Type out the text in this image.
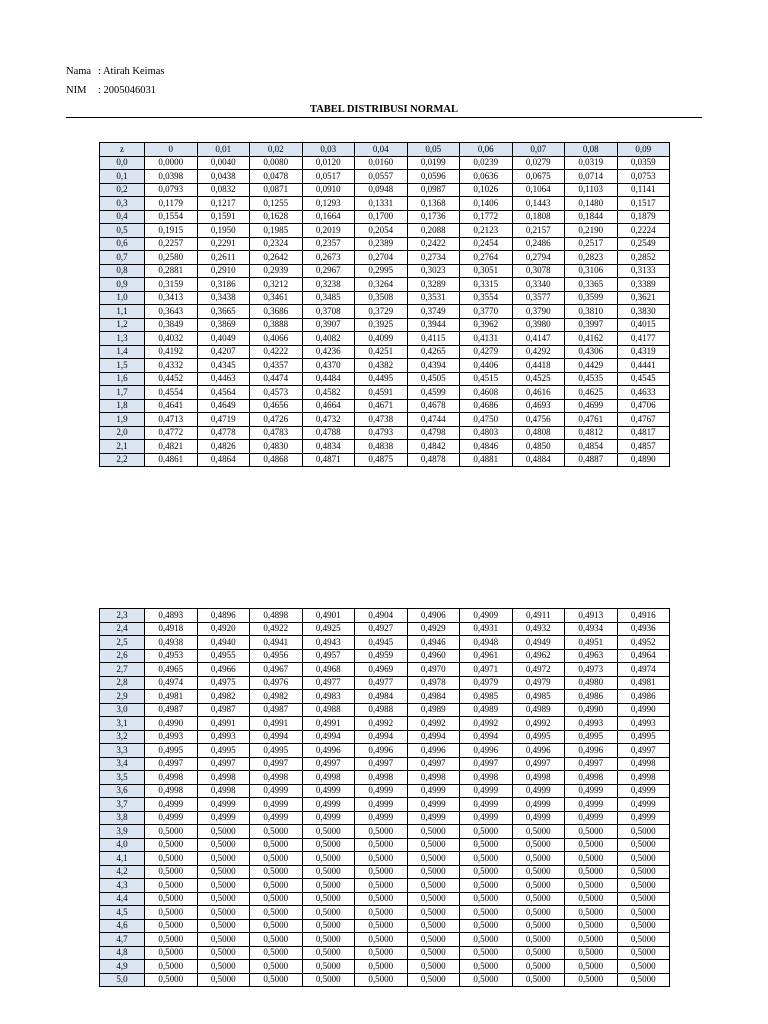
Nama : Atirah Keimas
NIM : 2005046031
TABEL DISTRIBUSI NORMAL
z	0	0,01	0,02	0,03	0,04	0,05	0,06	0,07	0,08	0,09
0,0	0,0000	0,0040	0,0080	0,0120	0,0160	0,0199	0,0239	0,0279	0,0319	0,0359
0,1	0,0398	0,0438	0,0478	0,0517	0,0557	0,0596	0,0636	0,0675	0,0714	0,0753
0,2	0,0793	0,0832	0,0871	0,0910	0,0948	0,0987	0,1026	0,1064	0,1103	0,1141
0,3	0,1179	0,1217	0,1255	0,1293	0,1331	0,1368	0,1406	0,1443	0,1480	0,1517
0,4	0,1554	0,1591	0,1628	0,1664	0,1700	0,1736	0,1772	0,1808	0,1844	0,1879
0,5	0,1915	0,1950	0,1985	0,2019	0,2054	0,2088	0,2123	0,2157	0,2190	0,2224
0,6	0,2257	0,2291	0,2324	0,2357	0,2389	0,2422	0,2454	0,2486	0,2517	0,2549
0,7	0,2580	0,2611	0,2642	0,2673	0,2704	0,2734	0,2764	0,2794	0,2823	0,2852
0,8	0,2881	0,2910	0,2939	0,2967	0,2995	0,3023	0,3051	0,3078	0,3106	0,3133
0,9	0,3159	0,3186	0,3212	0,3238	0,3264	0,3289	0,3315	0,3340	0,3365	0,3389
1,0	0,3413	0,3438	0,3461	0,3485	0,3508	0,3531	0,3554	0,3577	0,3599	0,3621
1,1	0,3643	0,3665	0,3686	0,3708	0,3729	0,3749	0,3770	0,3790	0,3810	0,3830
1,2	0,3849	0,3869	0,3888	0,3907	0,3925	0,3944	0,3962	0,3980	0,3997	0,4015
1,3	0,4032	0,4049	0,4066	0,4082	0,4099	0,4115	0,4131	0,4147	0,4162	0,4177
1,4	0,4192	0,4207	0,4222	0,4236	0,4251	0,4265	0,4279	0,4292	0,4306	0,4319
1,5	0,4332	0,4345	0,4357	0,4370	0,4382	0,4394	0,4406	0,4418	0,4429	0,4441
1,6	0,4452	0,4463	0,4474	0,4484	0,4495	0,4505	0,4515	0,4525	0,4535	0,4545
1,7	0,4554	0,4564	0,4573	0,4582	0,4591	0,4599	0,4608	0,4616	0,4625	0,4633
1,8	0,4641	0,4649	0,4656	0,4664	0,4671	0,4678	0,4686	0,4693	0,4699	0,4706
1,9	0,4713	0,4719	0,4726	0,4732	0,4738	0,4744	0,4750	0,4756	0,4761	0,4767
2,0	0,4772	0,4778	0,4783	0,4788	0,4793	0,4798	0,4803	0,4808	0,4812	0,4817
2,1	0,4821	0,4826	0,4830	0,4834	0,4838	0,4842	0,4846	0,4850	0,4854	0,4857
2,2	0,4861	0,4864	0,4868	0,4871	0,4875	0,4878	0,4881	0,4884	0,4887	0,4890
2,3	0,4893	0,4896	0,4898	0,4901	0,4904	0,4906	0,4909	0,4911	0,4913	0,4916
2,4	0,4918	0,4920	0,4922	0,4925	0,4927	0,4929	0,4931	0,4932	0,4934	0,4936
2,5	0,4938	0,4940	0,4941	0,4943	0,4945	0,4946	0,4948	0,4949	0,4951	0,4952
2,6	0,4953	0,4955	0,4956	0,4957	0,4959	0,4960	0,4961	0,4962	0,4963	0,4964
2,7	0,4965	0,4966	0,4967	0,4968	0,4969	0,4970	0,4971	0,4972	0,4973	0,4974
2,8	0,4974	0,4975	0,4976	0,4977	0,4977	0,4978	0,4979	0,4979	0,4980	0,4981
2,9	0,4981	0,4982	0,4982	0,4983	0,4984	0,4984	0,4985	0,4985	0,4986	0,4986
3,0	0,4987	0,4987	0,4987	0,4988	0,4988	0,4989	0,4989	0,4989	0,4990	0,4990
3,1	0,4990	0,4991	0,4991	0,4991	0,4992	0,4992	0,4992	0,4992	0,4993	0,4993
3,2	0,4993	0,4993	0,4994	0,4994	0,4994	0,4994	0,4994	0,4995	0,4995	0,4995
3,3	0,4995	0,4995	0,4995	0,4996	0,4996	0,4996	0,4996	0,4996	0,4996	0,4997
3,4	0,4997	0,4997	0,4997	0,4997	0,4997	0,4997	0,4997	0,4997	0,4997	0,4998
3,5	0,4998	0,4998	0,4998	0,4998	0,4998	0,4998	0,4998	0,4998	0,4998	0,4998
3,6	0,4998	0,4998	0,4999	0,4999	0,4999	0,4999	0,4999	0,4999	0,4999	0,4999
3,7	0,4999	0,4999	0,4999	0,4999	0,4999	0,4999	0,4999	0,4999	0,4999	0,4999
3,8	0,4999	0,4999	0,4999	0,4999	0,4999	0,4999	0,4999	0,4999	0,4999	0,4999
3,9	0,5000	0,5000	0,5000	0,5000	0,5000	0,5000	0,5000	0,5000	0,5000	0,5000
4,0	0,5000	0,5000	0,5000	0,5000	0,5000	0,5000	0,5000	0,5000	0,5000	0,5000
4,1	0,5000	0,5000	0,5000	0,5000	0,5000	0,5000	0,5000	0,5000	0,5000	0,5000
4,2	0,5000	0,5000	0,5000	0,5000	0,5000	0,5000	0,5000	0,5000	0,5000	0,5000
4,3	0,5000	0,5000	0,5000	0,5000	0,5000	0,5000	0,5000	0,5000	0,5000	0,5000
4,4	0,5000	0,5000	0,5000	0,5000	0,5000	0,5000	0,5000	0,5000	0,5000	0,5000
4,5	0,5000	0,5000	0,5000	0,5000	0,5000	0,5000	0,5000	0,5000	0,5000	0,5000
4,6	0,5000	0,5000	0,5000	0,5000	0,5000	0,5000	0,5000	0,5000	0,5000	0,5000
4,7	0,5000	0,5000	0,5000	0,5000	0,5000	0,5000	0,5000	0,5000	0,5000	0,5000
4,8	0,5000	0,5000	0,5000	0,5000	0,5000	0,5000	0,5000	0,5000	0,5000	0,5000
4,9	0,5000	0,5000	0,5000	0,5000	0,5000	0,5000	0,5000	0,5000	0,5000	0,5000
5,0	0,5000	0,5000	0,5000	0,5000	0,5000	0,5000	0,5000	0,5000	0,5000	0,5000
